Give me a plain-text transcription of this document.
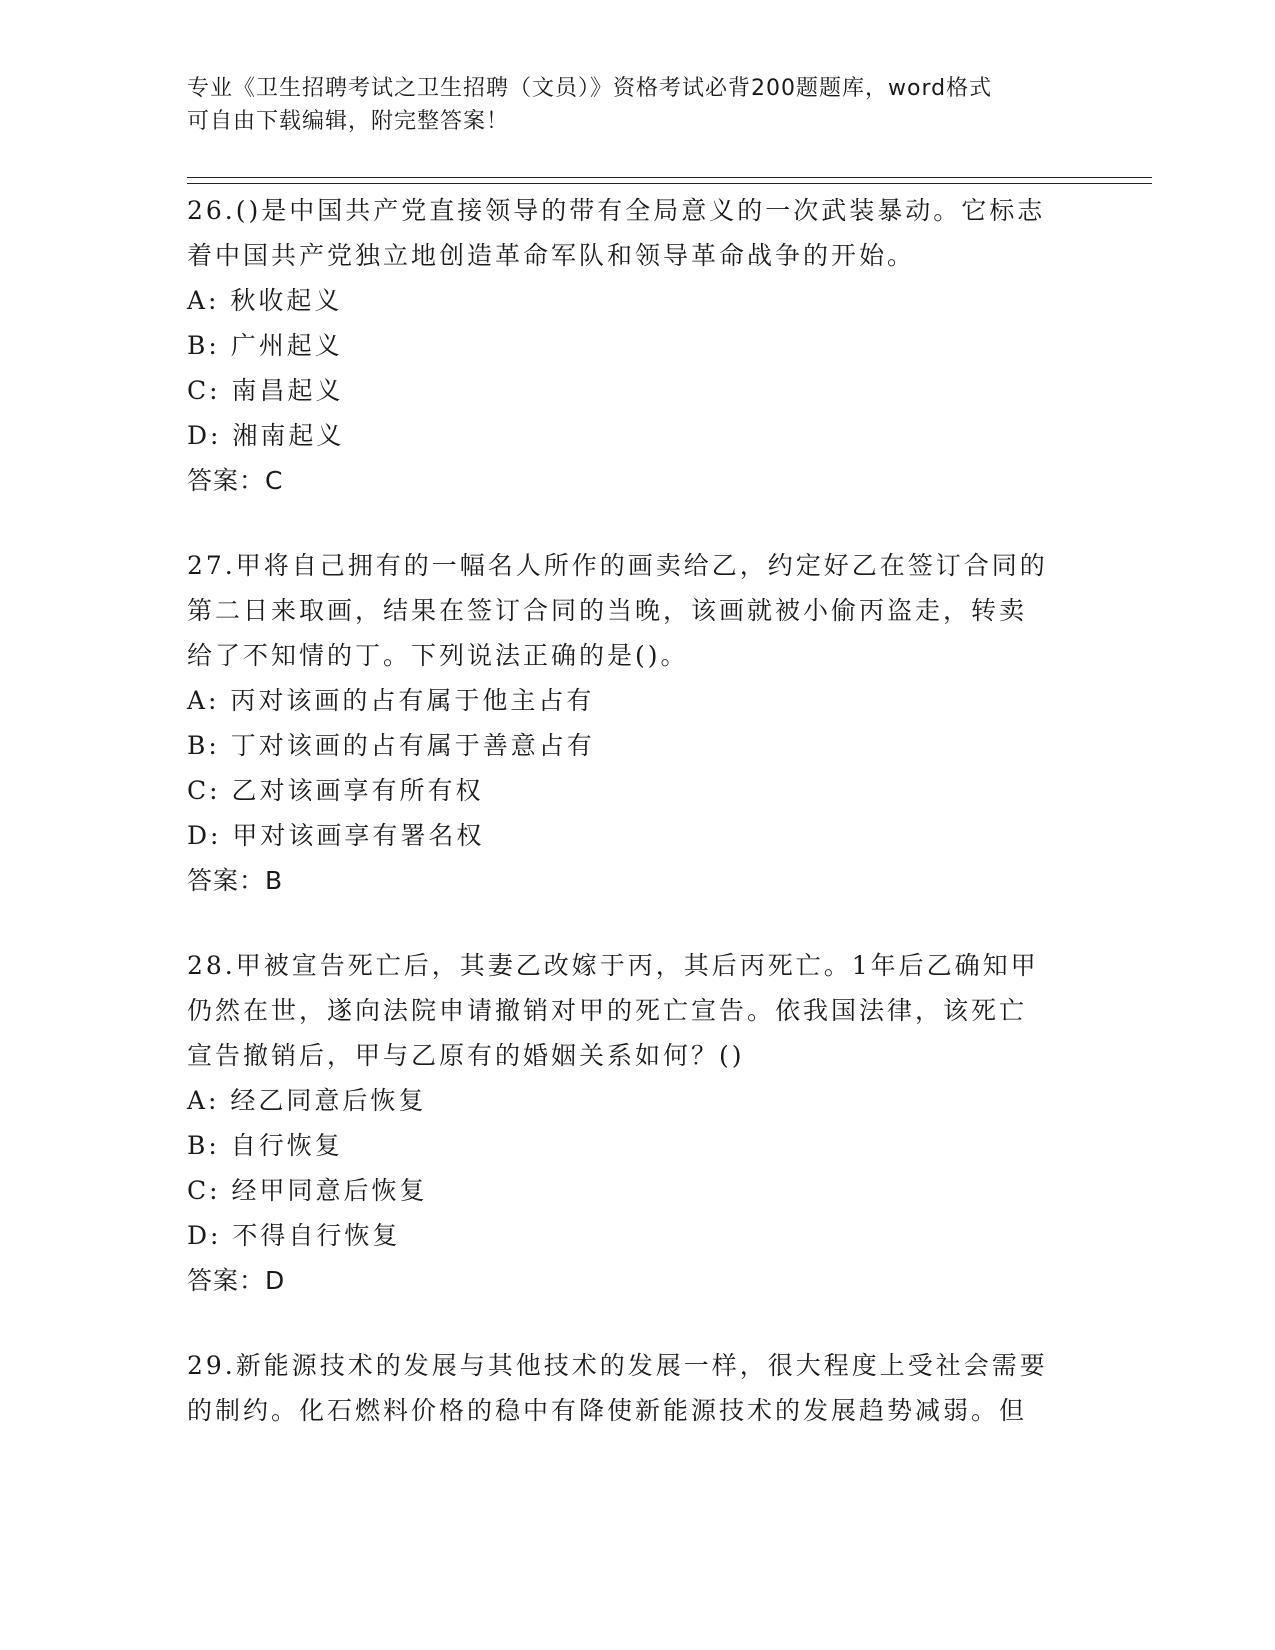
专业《卫生招聘考试之卫生招聘（文员）》资格考试必背200题题库，word格式
可自由下载编辑，附完整答案！
26.()是中国共产党直接领导的带有全局意义的一次武装暴动。它标志
着中国共产党独立地创造革命军队和领导革命战争的开始。
A: 秋收起义
B: 广州起义
C: 南昌起义
D: 湘南起义
答案：C
27.甲将自己拥有的一幅名人所作的画卖给乙，约定好乙在签订合同的
第二日来取画，结果在签订合同的当晚，该画就被小偷丙盗走，转卖
给了不知情的丁。下列说法正确的是()。
A: 丙对该画的占有属于他主占有
B: 丁对该画的占有属于善意占有
C: 乙对该画享有所有权
D: 甲对该画享有署名权
答案：B
28.甲被宣告死亡后，其妻乙改嫁于丙，其后丙死亡。1年后乙确知甲
仍然在世，遂向法院申请撤销对甲的死亡宣告。依我国法律，该死亡
宣告撤销后，甲与乙原有的婚姻关系如何？()
A: 经乙同意后恢复
B: 自行恢复
C: 经甲同意后恢复
D: 不得自行恢复
答案：D
29.新能源技术的发展与其他技术的发展一样，很大程度上受社会需要
的制约。化石燃料价格的稳中有降使新能源技术的发展趋势减弱。但
